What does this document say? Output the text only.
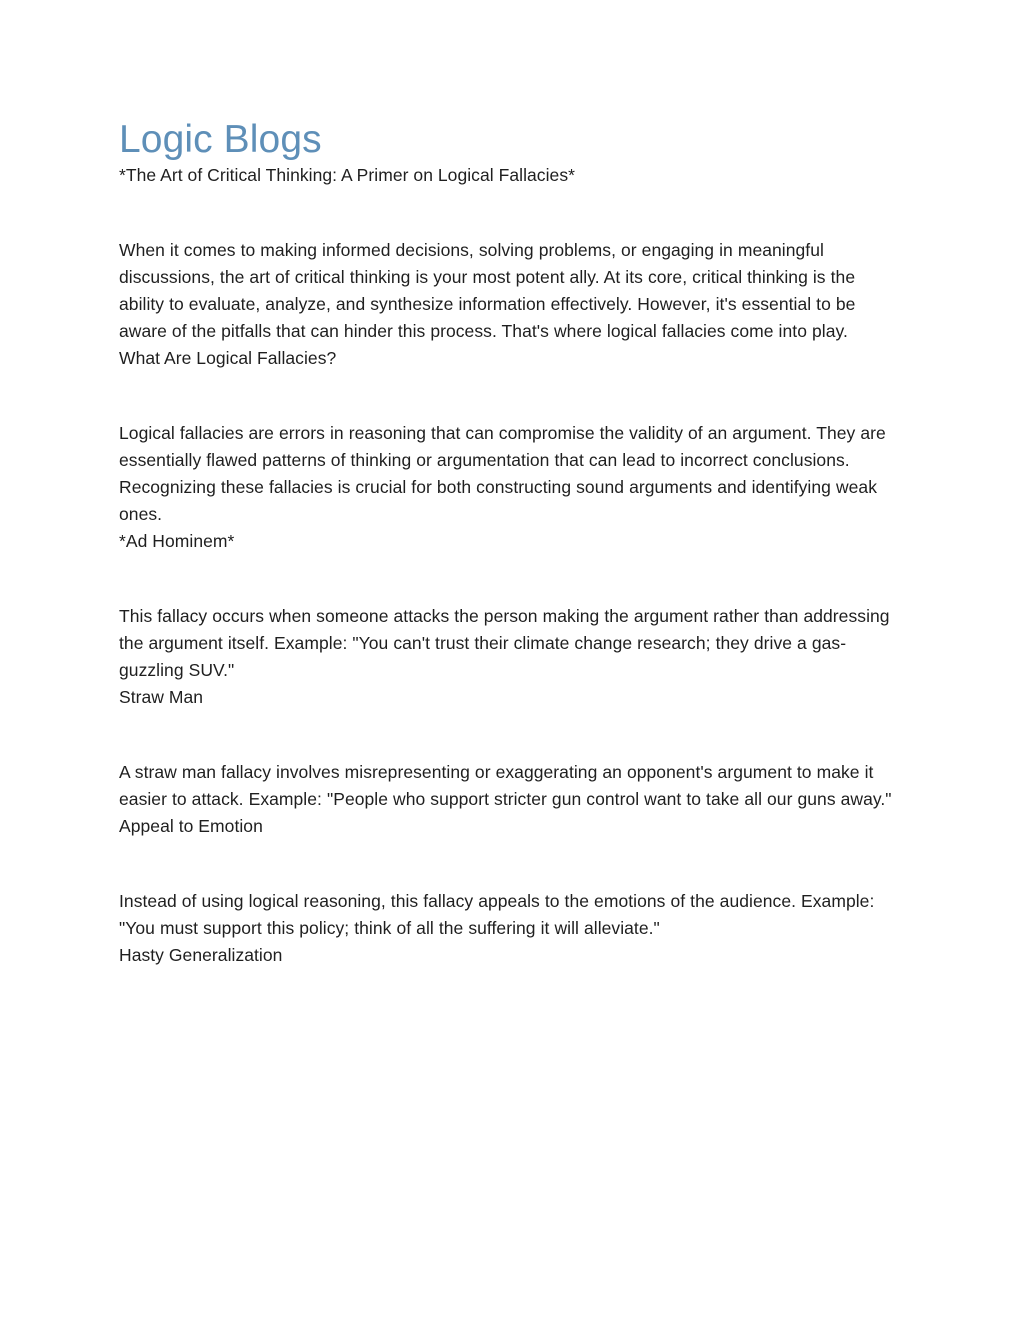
Logic Blogs

*The Art of Critical Thinking: A Primer on Logical Fallacies*

When it comes to making informed decisions, solving problems, or engaging in meaningful discussions, the art of critical thinking is your most potent ally. At its core, critical thinking is the ability to evaluate, analyze, and synthesize information effectively. However, it's essential to be aware of the pitfalls that can hinder this process. That's where logical fallacies come into play.

What Are Logical Fallacies?

Logical fallacies are errors in reasoning that can compromise the validity of an argument. They are essentially flawed patterns of thinking or argumentation that can lead to incorrect conclusions. Recognizing these fallacies is crucial for both constructing sound arguments and identifying weak ones.

*Ad Hominem*

This fallacy occurs when someone attacks the person making the argument rather than addressing the argument itself. Example: "You can't trust their climate change research; they drive a gas-guzzling SUV."

Straw Man

A straw man fallacy involves misrepresenting or exaggerating an opponent's argument to make it easier to attack. Example: "People who support stricter gun control want to take all our guns away."

Appeal to Emotion

Instead of using logical reasoning, this fallacy appeals to the emotions of the audience. Example: "You must support this policy; think of all the suffering it will alleviate."

Hasty Generalization
